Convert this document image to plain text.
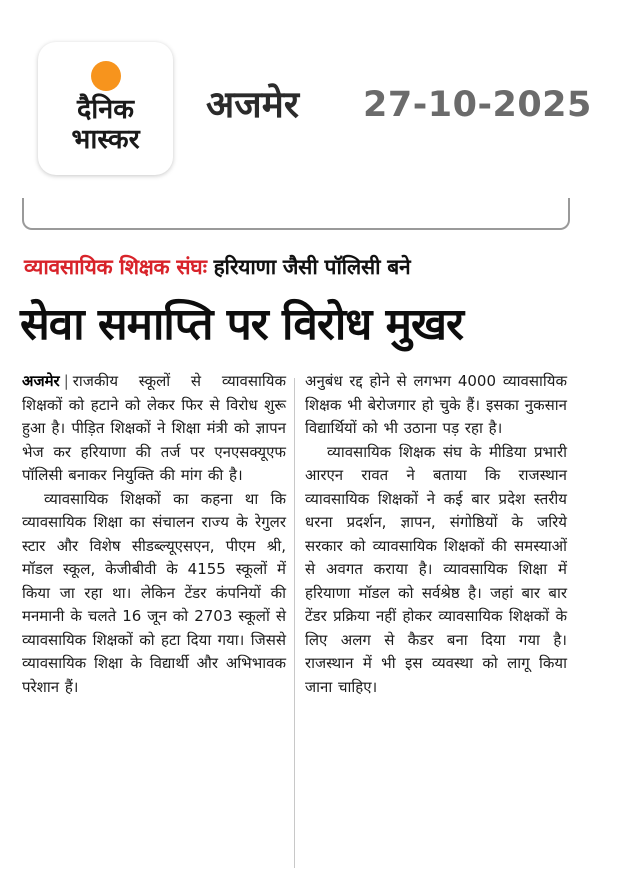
दैनिक
भास्कर
अजमेर 27-10-2025
व्यावसायिक शिक्षक संघः हरियाणा जैसी पॉलिसी बने
सेवा समाप्ति पर विरोध मुखर

अजमेर | राजकीय स्कूलों से व्यावसायिक शिक्षकों को हटाने को लेकर फिर से विरोध शुरू हुआ है। पीड़ित शिक्षकों ने शिक्षा मंत्री को ज्ञापन भेज कर हरियाणा की तर्ज पर एनएसक्यूएफ पॉलिसी बनाकर नियुक्ति की मांग की है।

व्यावसायिक शिक्षकों का कहना था कि व्यावसायिक शिक्षा का संचालन राज्य के रेगुलर स्टार और विशेष सीडब्ल्यूएसएन, पीएम श्री, मॉडल स्कूल, केजीबीवी के 4155 स्कूलों में किया जा रहा था। लेकिन टेंडर कंपनियों की मनमानी के चलते 16 जून को 2703 स्कूलों से व्यावसायिक शिक्षकों को हटा दिया गया। जिससे व्यावसायिक शिक्षा के विद्यार्थी और अभिभावक परेशान हैं।

अनुबंध रद्द होने से लगभग 4000 व्यावसायिक शिक्षक भी बेरोजगार हो चुके हैं। इसका नुकसान विद्यार्थियों को भी उठाना पड़ रहा है।

व्यावसायिक शिक्षक संघ के मीडिया प्रभारी आरएन रावत ने बताया कि राजस्थान व्यावसायिक शिक्षकों ने कई बार प्रदेश स्तरीय धरना प्रदर्शन, ज्ञापन, संगोष्ठियों के जरिये सरकार को व्यावसायिक शिक्षकों की समस्याओं से अवगत कराया है। व्यावसायिक शिक्षा में हरियाणा मॉडल को सर्वश्रेष्ठ है। जहां बार बार टेंडर प्रक्रिया नहीं होकर व्यावसायिक शिक्षकों के लिए अलग से कैडर बना दिया गया है। राजस्थान में भी इस व्यवस्था को लागू किया जाना चाहिए।
